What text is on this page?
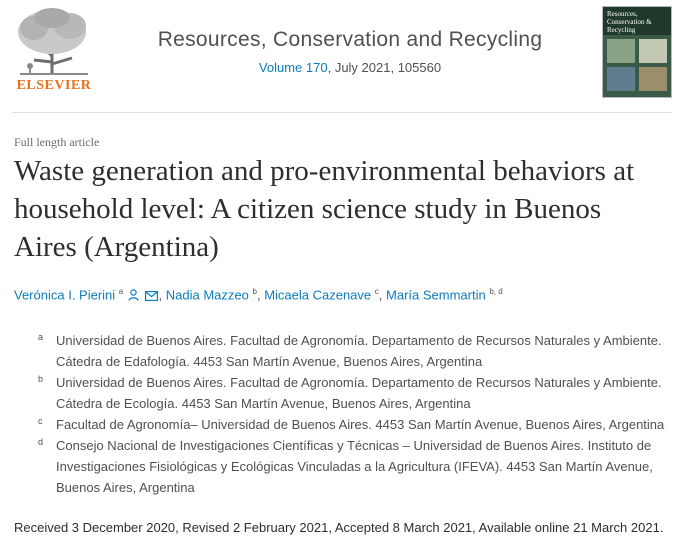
ELSEVIER
Resources, Conservation and Recycling
Volume 170, July 2021, 105560
Resources, Conservation & Recycling
Full length article
Waste generation and pro-environmental behaviors at household level: A citizen science study in Buenos Aires (Argentina)
Verónica I. Pierini $^a$	, Nadia Mazzeo $^b$, Micaela Cazenave $^c$, María Semmartin $^{b, d}$
a Universidad de Buenos Aires. Facultad de Agronomía. Departamento de Recursos Naturales y Ambiente. Cátedra de Edafología. 4453 San Martín Avenue, Buenos Aires, Argentina
b Universidad de Buenos Aires. Facultad de Agronomía. Departamento de Recursos Naturales y Ambiente. Cátedra de Ecología. 4453 San Martín Avenue, Buenos Aires, Argentina
c Facultad de Agronomía– Universidad de Buenos Aires. 4453 San Martín Avenue, Buenos Aires, Argentina
d Consejo Nacional de Investigaciones Científicas y Técnicas – Universidad de Buenos Aires. Instituto de Investigaciones Fisiológicas y Ecológicas Vinculadas a la Agricultura (IFEVA). 4453 San Martín Avenue, Buenos Aires, Argentina
Received 3 December 2020, Revised 2 February 2021, Accepted 8 March 2021, Available online 21 March 2021.
